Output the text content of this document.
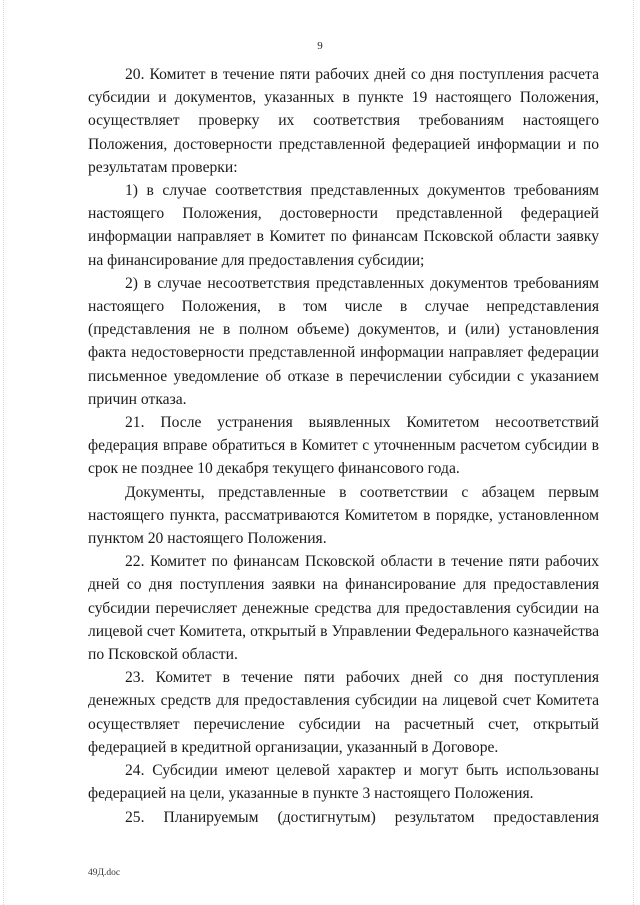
9

20. Комитет в течение пяти рабочих дней со дня поступления расчета субсидии и документов, указанных в пункте 19 настоящего Положения, осуществляет проверку их соответствия требованиям настоящего Положения, достоверности представленной федерацией информации и по результатам проверки:

1) в случае соответствия представленных документов требованиям настоящего Положения, достоверности представленной федерацией информации направляет в Комитет по финансам Псковской области заявку на финансирование для предоставления субсидии;

2) в случае несоответствия представленных документов требованиям настоящего Положения, в том числе в случае непредставления (представления не в полном объеме) документов, и (или) установления факта недостоверности представленной информации направляет федерации письменное уведомление об отказе в перечислении субсидии с указанием причин отказа.

21. После устранения выявленных Комитетом несоответствий федерация вправе обратиться в Комитет с уточненным расчетом субсидии в срок не позднее 10 декабря текущего финансового года.

Документы, представленные в соответствии с абзацем первым настоящего пункта, рассматриваются Комитетом в порядке, установленном пунктом 20 настоящего Положения.

22. Комитет по финансам Псковской области в течение пяти рабочих дней со дня поступления заявки на финансирование для предоставления субсидии перечисляет денежные средства для предоставления субсидии на лицевой счет Комитета, открытый в Управлении Федерального казначейства по Псковской области.

23. Комитет в течение пяти рабочих дней со дня поступления денежных средств для предоставления субсидии на лицевой счет Комитета осуществляет перечисление субсидии на расчетный счет, открытый федерацией в кредитной организации, указанный в Договоре.

24. Субсидии имеют целевой характер и могут быть использованы федерацией на цели, указанные в пункте 3 настоящего Положения.

25. Планируемым (достигнутым) результатом предоставления

49Д.doc
